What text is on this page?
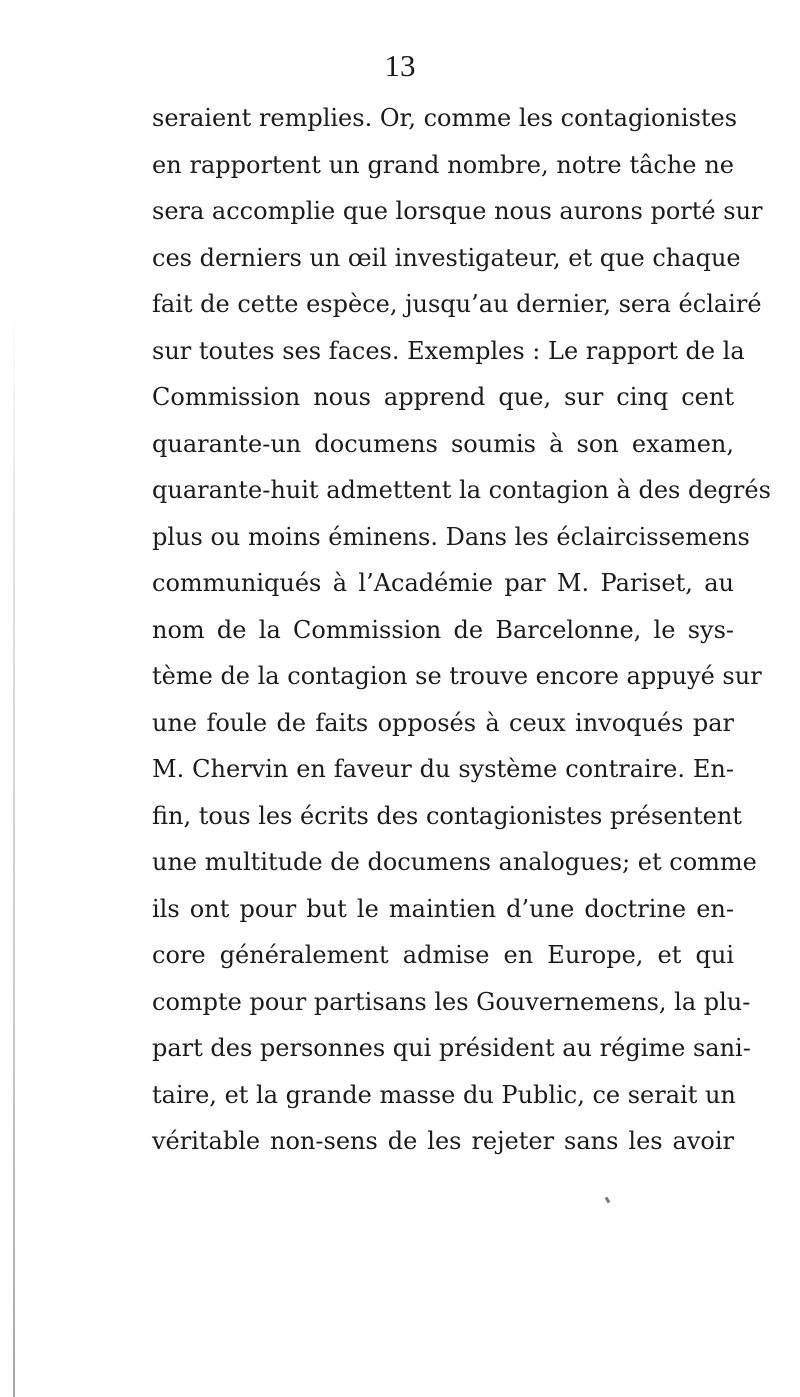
13
seraient remplies. Or, comme les contagionistes
en rapportent un grand nombre, notre tâche ne
sera accomplie que lorsque nous aurons porté sur
ces derniers un œil investigateur, et que chaque
fait de cette espèce, jusqu’au dernier, sera éclairé
sur toutes ses faces. Exemples : Le rapport de la
Commission nous apprend que, sur cinq cent
quarante-un documens soumis à son examen,
quarante-huit admettent la contagion à des degrés
plus ou moins éminens. Dans les éclaircissemens
communiqués à l’Académie par M. Pariset, au
nom de la Commission de Barcelonne, le sys-
tème de la contagion se trouve encore appuyé sur
une foule de faits opposés à ceux invoqués par
M. Chervin en faveur du système contraire. En-
fin, tous les écrits des contagionistes présentent
une multitude de documens analogues; et comme
ils ont pour but le maintien d’une doctrine en-
core généralement admise en Europe, et qui
compte pour partisans les Gouvernemens, la plu-
part des personnes qui président au régime sani-
taire, et la grande masse du Public, ce serait un
véritable non-sens de les rejeter sans les avoir
